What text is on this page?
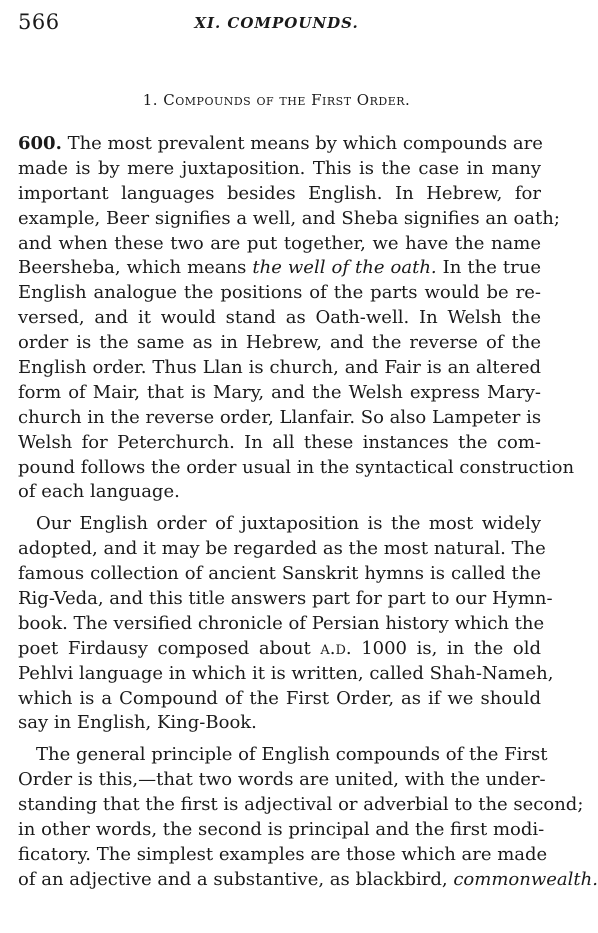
566	XI. COMPOUNDS.
1. Compounds of the First Order.
600. The most prevalent means by which compounds are
made is by mere juxtaposition. This is the case in many
important languages besides English. In Hebrew, for
example, Beer signifies a well, and Sheba signifies an oath;
and when these two are put together, we have the name
Beersheba, which means the well of the oath. In the true
English analogue the positions of the parts would be re-
versed, and it would stand as Oath-well. In Welsh the
order is the same as in Hebrew, and the reverse of the
English order. Thus Llan is church, and Fair is an altered
form of Mair, that is Mary, and the Welsh express Mary-
church in the reverse order, Llanfair. So also Lampeter is
Welsh for Peterchurch. In all these instances the com-
pound follows the order usual in the syntactical construction
of each language.
Our English order of juxtaposition is the most widely
adopted, and it may be regarded as the most natural. The
famous collection of ancient Sanskrit hymns is called the
Rig-Veda, and this title answers part for part to our Hymn-
book. The versified chronicle of Persian history which the
poet Firdausy composed about a.d. 1000 is, in the old
Pehlvi language in which it is written, called Shah-Nameh,
which is a Compound of the First Order, as if we should
say in English, King-Book.
The general principle of English compounds of the First
Order is this,—that two words are united, with the under-
standing that the first is adjectival or adverbial to the second;
in other words, the second is principal and the first modi-
ficatory. The simplest examples are those which are made
of an adjective and a substantive, as blackbird, commonwealth.
